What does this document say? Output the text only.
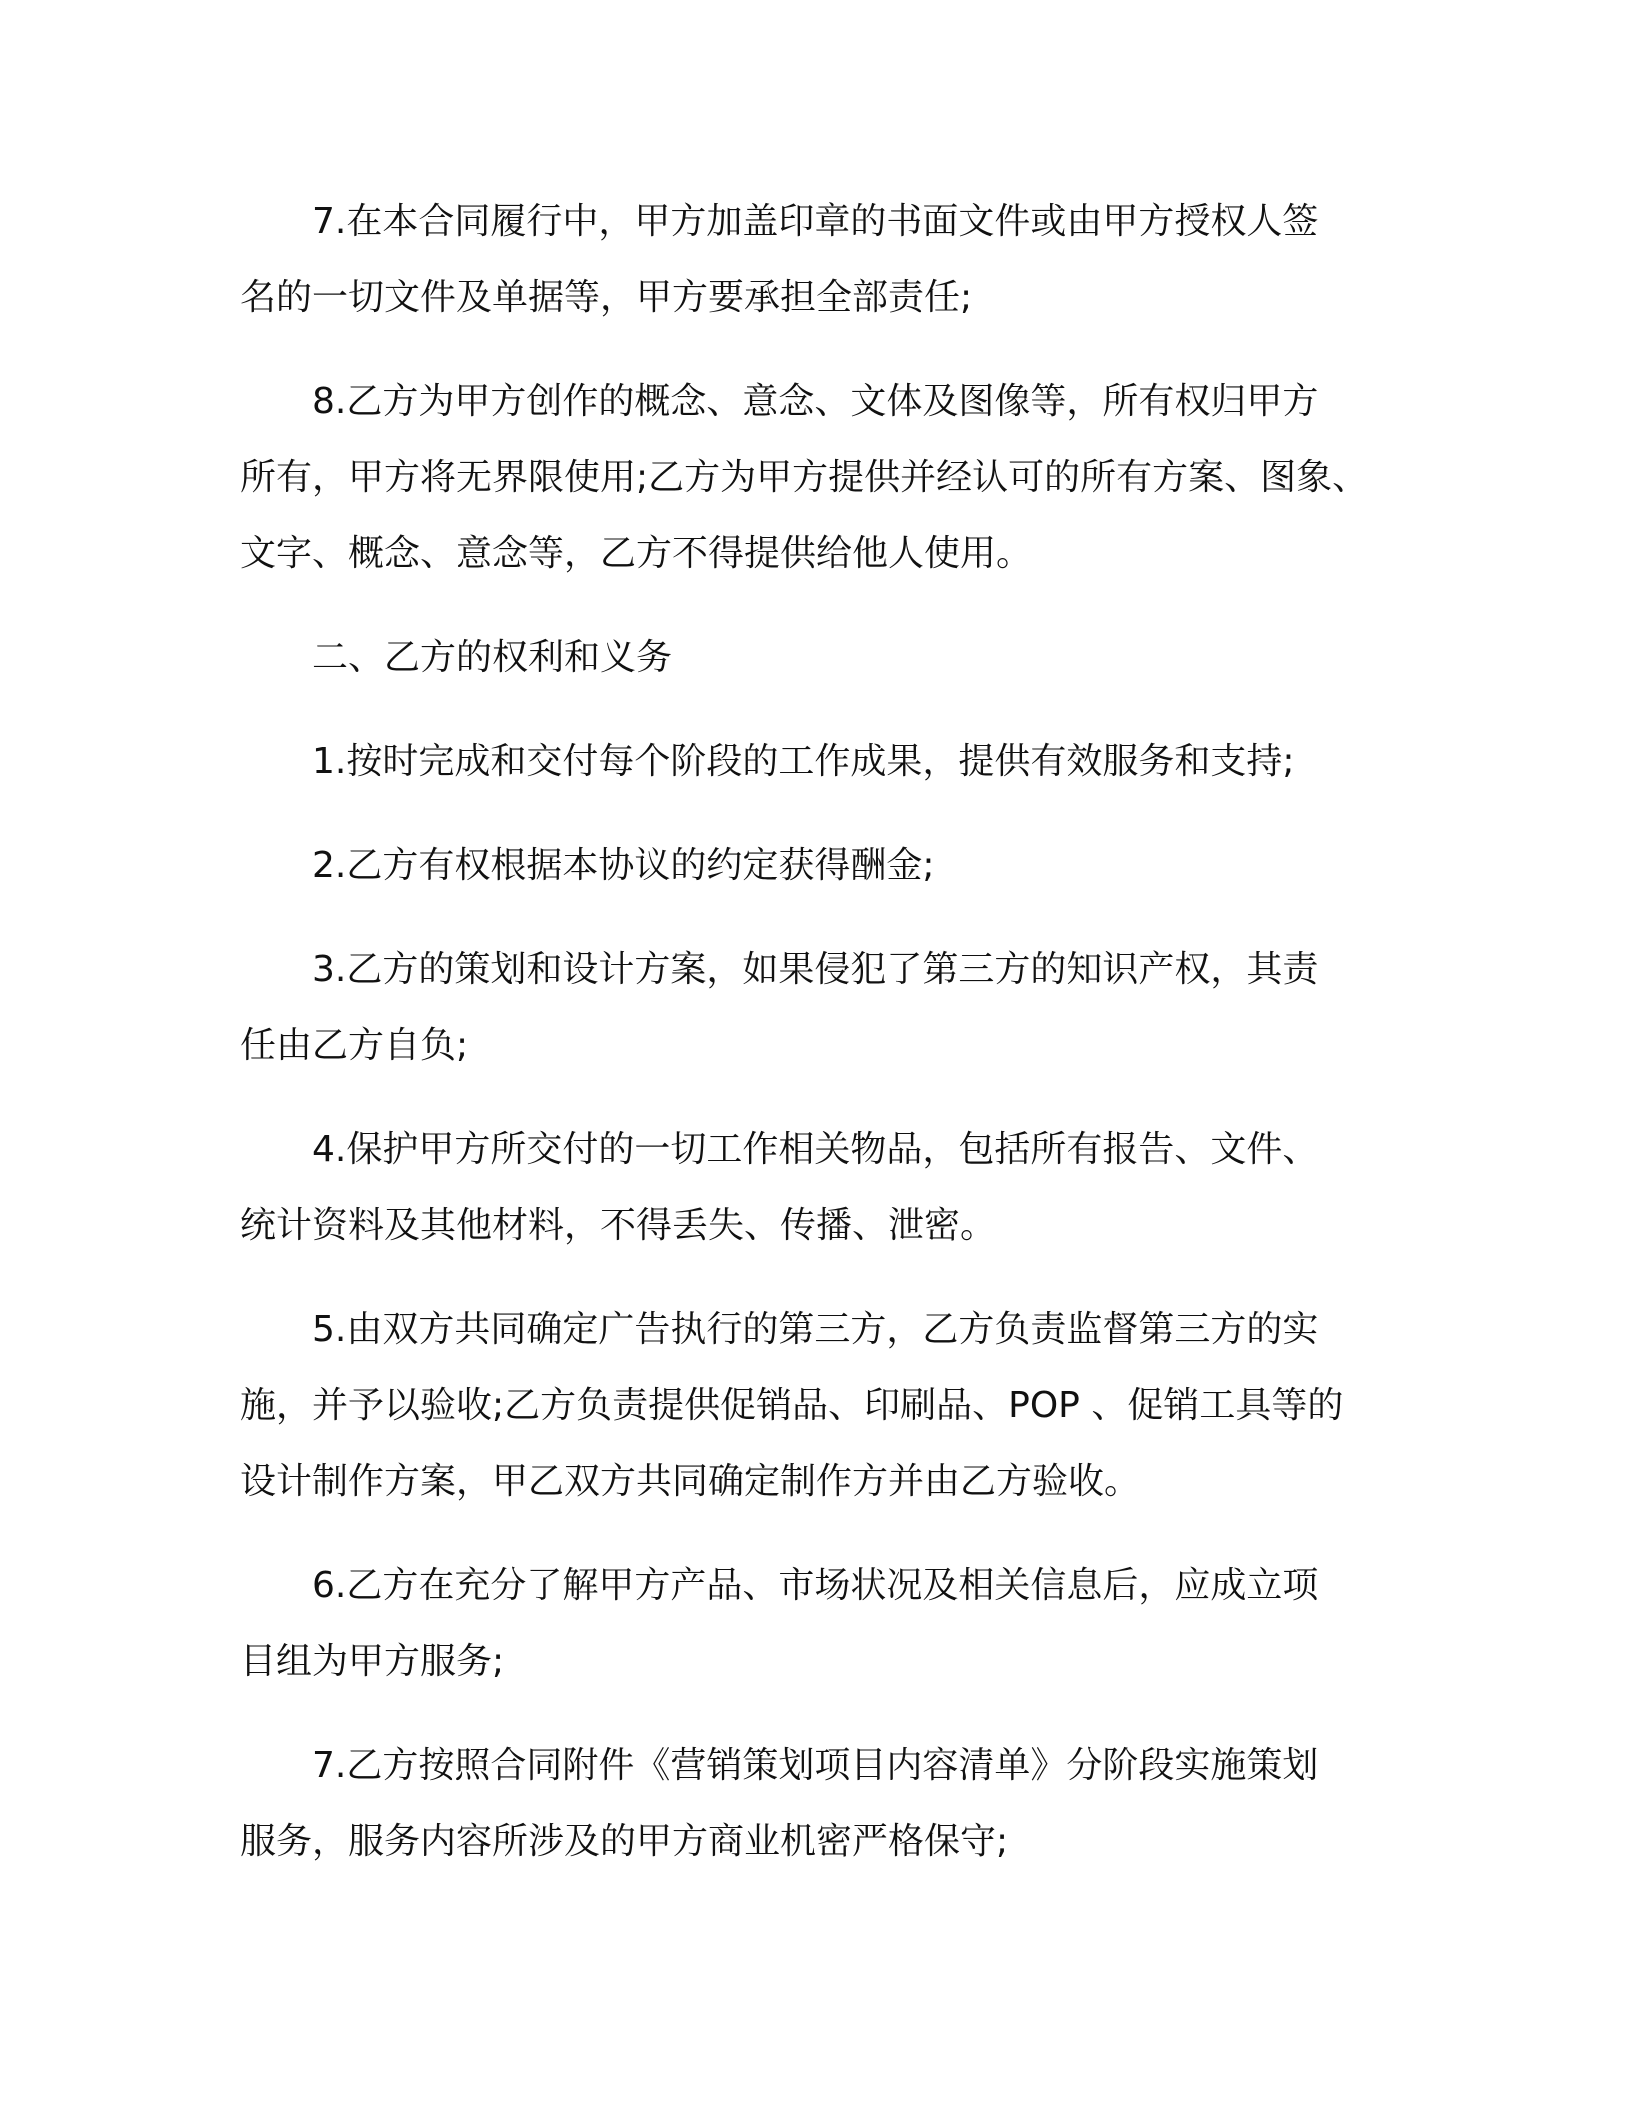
7.在本合同履行中，甲方加盖印章的书面文件或由甲方授权人签
名的一切文件及单据等，甲方要承担全部责任;
8.乙方为甲方创作的概念、意念、文体及图像等，所有权归甲方
所有，甲方将无界限使用;乙方为甲方提供并经认可的所有方案、图象、
文字、概念、意念等，乙方不得提供给他人使用。
二、乙方的权利和义务
1.按时完成和交付每个阶段的工作成果，提供有效服务和支持;
2.乙方有权根据本协议的约定获得酬金;
3.乙方的策划和设计方案，如果侵犯了第三方的知识产权，其责
任由乙方自负;
4.保护甲方所交付的一切工作相关物品，包括所有报告、文件、
统计资料及其他材料，不得丢失、传播、泄密。
5.由双方共同确定广告执行的第三方，乙方负责监督第三方的实
施，并予以验收;乙方负责提供促销品、印刷品、POP 、促销工具等的
设计制作方案，甲乙双方共同确定制作方并由乙方验收。
6.乙方在充分了解甲方产品、市场状况及相关信息后，应成立项
目组为甲方服务;
7.乙方按照合同附件《营销策划项目内容清单》分阶段实施策划
服务，服务内容所涉及的甲方商业机密严格保守;
